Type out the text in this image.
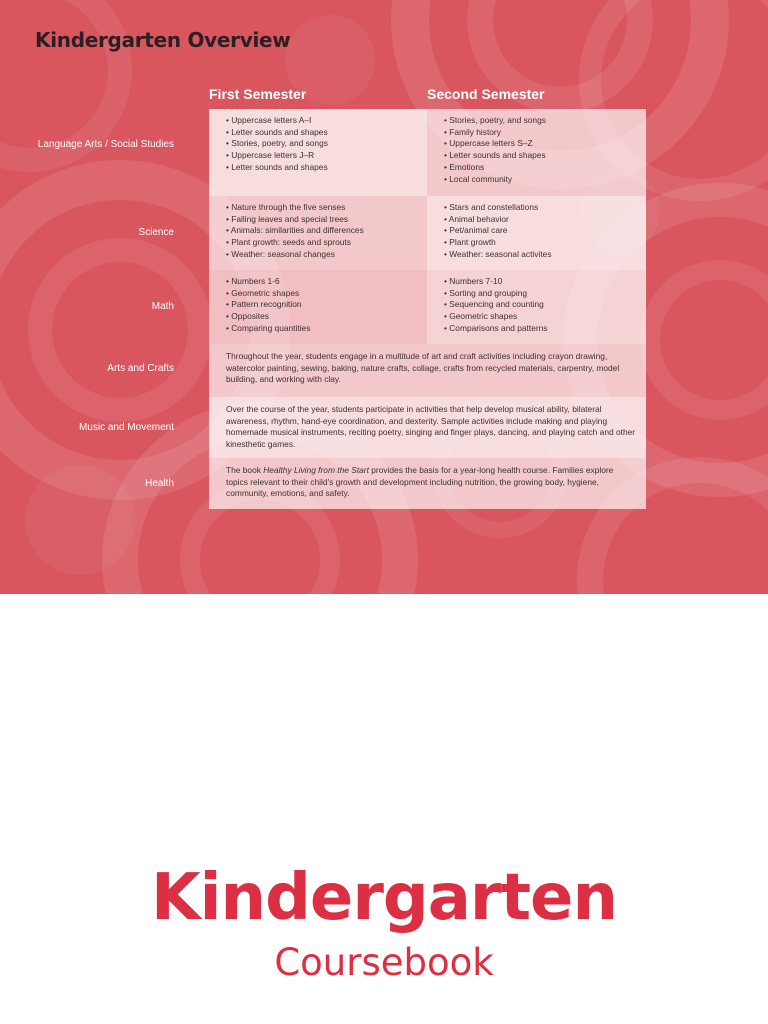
Kindergarten Overview
First Semester	Second Semester
Language Arts / Social Studies
Science
Math
Arts and Crafts
Music and Movement
Health
• Uppercase letters A–I
• Letter sounds and shapes
• Stories, poetry, and songs
• Uppercase letters J–R
• Letter sounds and shapes
• Stories, poetry, and songs
• Family history
• Uppercase letters S–Z
• Letter sounds and shapes
• Emotions
• Local community
• Nature through the five senses
• Falling leaves and special trees
• Animals: similarities and differences
• Plant growth: seeds and sprouts
• Weather: seasonal changes
• Stars and constellations
• Animal behavior
• Pet/animal care
• Plant growth
• Weather: seasonal activites
• Numbers 1-6
• Geometric shapes
• Pattern recognition
• Opposites
• Comparing quantities
• Numbers 7-10
• Sorting and grouping
• Sequencing and counting
• Geometric shapes
• Comparisons and patterns
Throughout the year, students engage in a multitude of art and craft activities including crayon drawing, watercolor painting, sewing, baking, nature crafts, collage, crafts from recycled materials, carpentry, model building, and working with clay.
Over the course of the year, students participate in activities that help develop musical ability, bilateral awareness, rhythm, hand-eye coordination, and dexterity. Sample activities include making and playing homemade musical instruments, reciting poetry, singing and finger plays, dancing, and playing catch and other kinesthetic games.
The book Healthy Living from the Start provides the basis for a year-long health course. Families explore topics relevant to their child's growth and development including nutrition, the growing body, hygiene, community, emotions, and safety.
Kindergarten
Coursebook
